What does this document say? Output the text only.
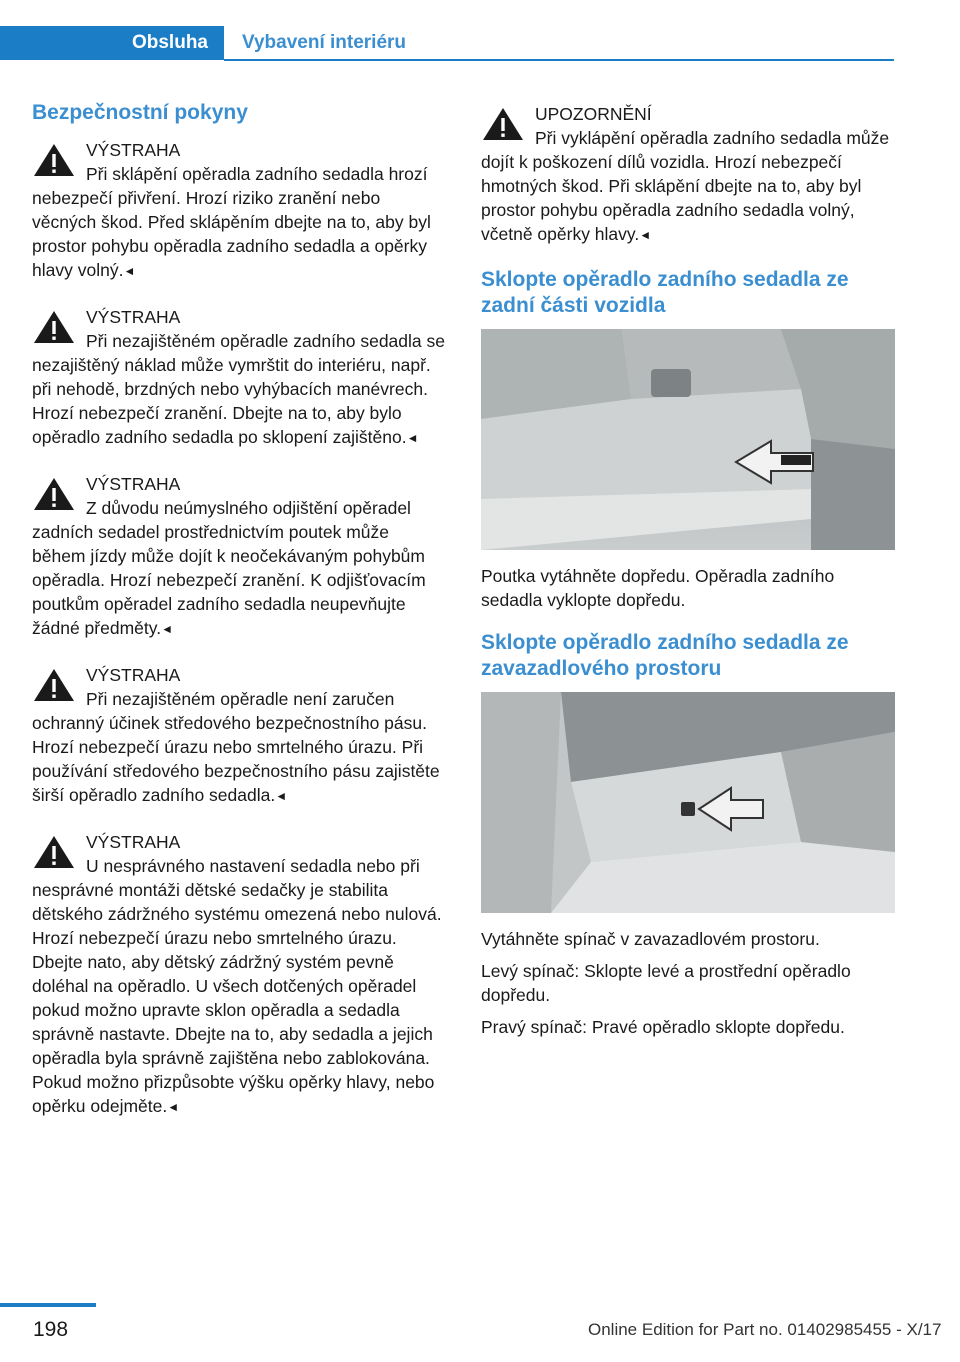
Obsluha	Vybavení interiéru
Bezpečnostní pokyny
VÝSTRAHA
Při sklápění opěradla zadního sedadla hrozí nebezpečí přivření. Hrozí riziko zranění nebo věcných škod. Před sklápěním dbejte na to, aby byl prostor pohybu opěradla zadního sedadla a opěrky hlavy volný.◄
VÝSTRAHA
Při nezajištěném opěradle zadního sedadla se nezajištěný náklad může vymrštit do interiéru, např. při nehodě, brzdných nebo vyhýbacích manévrech. Hrozí nebezpečí zranění. Dbejte na to, aby bylo opěradlo zadního sedadla po sklopení zajištěno.◄
VÝSTRAHA
Z důvodu neúmyslného odjištění opěradel zadních sedadel prostřednictvím poutek může během jízdy může dojít k neočekávaným pohybům opěradla. Hrozí nebezpečí zranění. K odjišťovacím poutkům opěradel zadního sedadla neupevňujte žádné předměty.◄
VÝSTRAHA
Při nezajištěném opěradle není zaručen ochranný účinek středového bezpečnostního pásu. Hrozí nebezpečí úrazu nebo smrtelného úrazu. Při používání středového bezpečnostního pásu zajistěte širší opěradlo zadního sedadla.◄
VÝSTRAHA
U nesprávného nastavení sedadla nebo při nesprávné montáži dětské sedačky je stabilita dětského zádržného systému omezená nebo nulová. Hrozí nebezpečí úrazu nebo smrtelného úrazu. Dbejte nato, aby dětský zádržný systém pevně doléhal na opěradlo. U všech dotčených opěradel pokud možno upravte sklon opěradla a sedadla správně nastavte. Dbejte na to, aby sedadla a jejich opěradla byla správně zajištěna nebo zablokována. Pokud možno přizpůsobte výšku opěrky hlavy, nebo opěrku odejměte.◄
UPOZORNĚNÍ
Při vyklápění opěradla zadního sedadla může dojít k poškození dílů vozidla. Hrozí nebezpečí hmotných škod. Při sklápění dbejte na to, aby byl prostor pohybu opěradla zadního sedadla volný, včetně opěrky hlavy.◄
Sklopte opěradlo zadního sedadla ze zadní části vozidla

Poutka vytáhněte dopředu. Opěradla zadního sedadla vyklopte dopředu.

Sklopte opěradlo zadního sedadla ze zavazadlového prostoru

Vytáhněte spínač v zavazadlovém prostoru.

Levý spínač: Sklopte levé a prostřední opěradlo dopředu.

Pravý spínač: Pravé opěradlo sklopte dopředu.

198	Online Edition for Part no. 01402985455 - X/17
